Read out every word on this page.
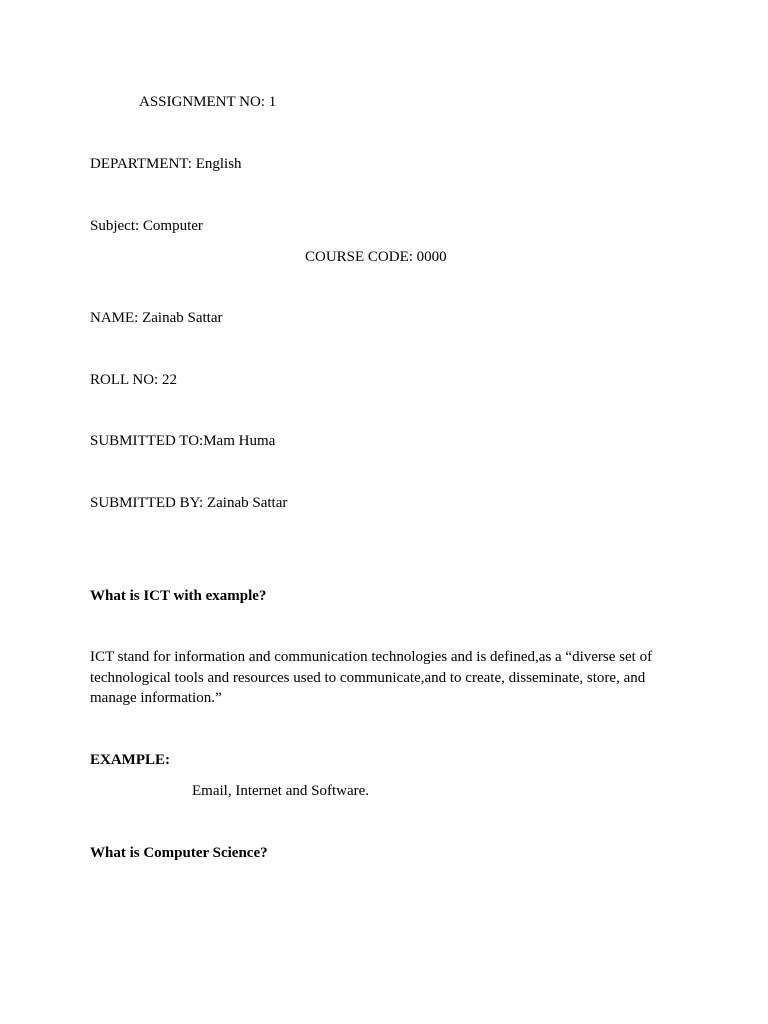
ASSIGNMENT NO: 1
DEPARTMENT: English
Subject: Computer
COURSE CODE: 0000
NAME: Zainab Sattar
ROLL NO: 22
SUBMITTED TO:Mam Huma
SUBMITTED BY: Zainab Sattar
What is ICT with example?
ICT stand for information and communication technologies and is defined,as a “diverse set of technological tools and resources used to communicate,and to create, disseminate, store, and manage information.”
EXAMPLE:
Email, Internet and Software.
What is Computer Science?
